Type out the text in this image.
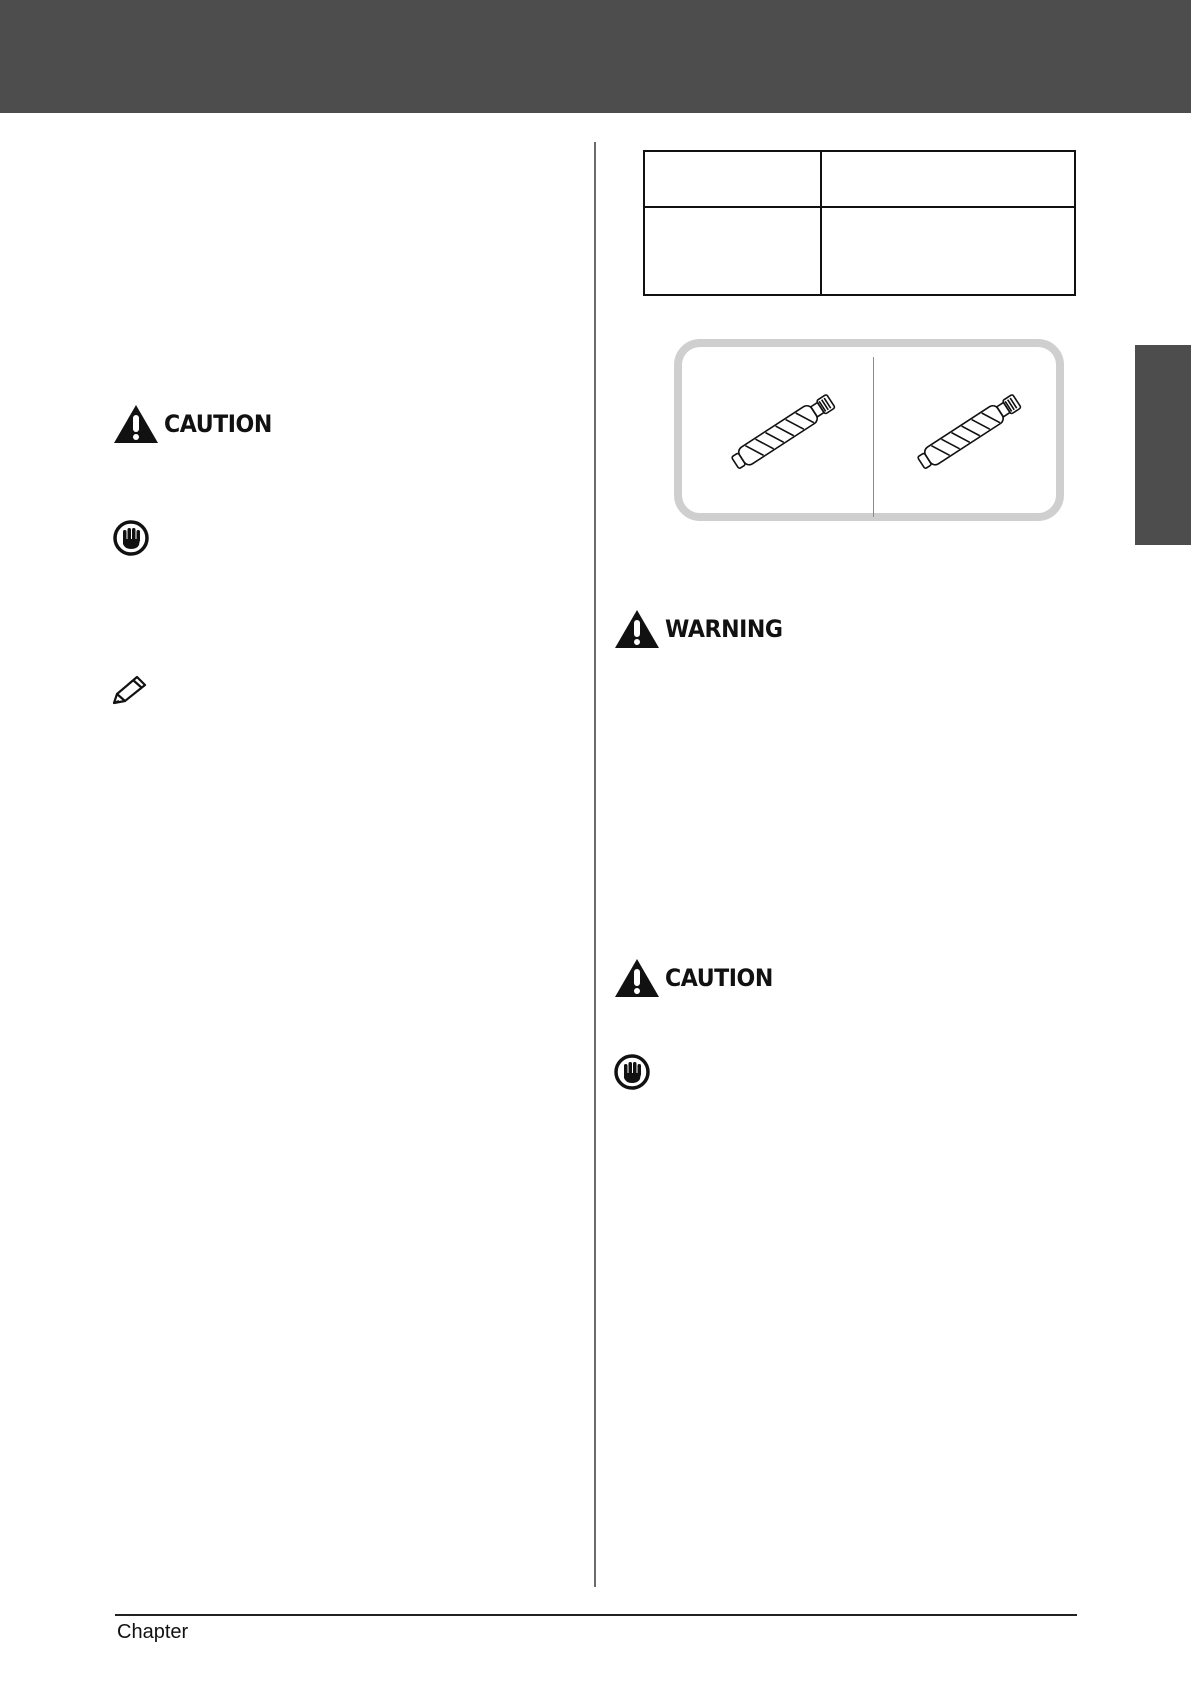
CAUTION

WARNING
CAUTION
Chapter
